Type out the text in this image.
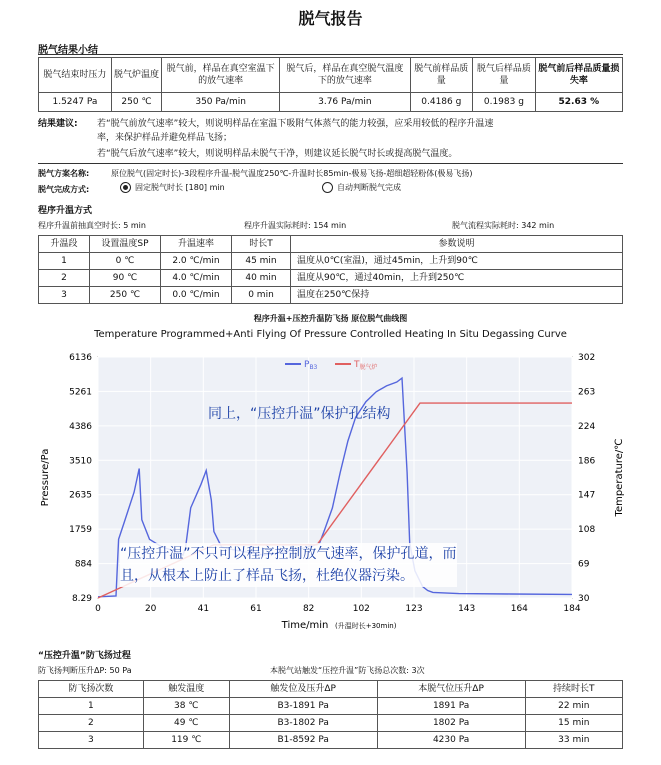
脱气报告
脱气结果小结
脱气结束时压力	脱气炉温度	脱气前，样品在真空室温下的放气速率	脱气后，样品在真空脱气温度下的放气速率	脱气前样品质量	脱气后样品质量	脱气前后样品质量损失率
1.5247 Pa	250 ℃	350 Pa/min	3.76 Pa/min	0.4186 g	0.1983 g	52.63 %
结果建议: 若“脱气前放气速率”较大，则说明样品在室温下吸附气体蒸气的能力较强，应采用较低的程序升温速
率，来保护样品并避免样品飞扬；
若“脱气后放气速率”较大，则说明样品未脱气干净，则建议延长脱气时长或提高脱气温度。
脱气方案名称:	原位脱气(固定时长)-3段程序升温-脱气温度250℃-升温时长85min-极易飞扬-超细超轻粉体(极易飞扬)
脱气完成方式:	固定脱气时长 [180] min	自动判断脱气完成
程序升温方式
程序升温前抽真空时长: 5 min	程序升温实际耗时: 154 min	脱气流程实际耗时: 342 min
升温段	设置温度SP	升温速率	时长T	参数说明
1	0 ℃	2.0 ℃/min	45 min	温度从0℃(室温)，通过45min，上升到90℃
2	90 ℃	4.0 ℃/min	40 min	温度从90℃，通过40min，上升到250℃
3	250 ℃	0.0 ℃/min	0 min	温度在250℃保持
程序升温+压控升温防飞扬 原位脱气曲线图
Temperature Programmed+Anti Flying Of Pressure Controlled Heating In Situ Degassing Curve
8.29
884
1759
2635
3510
4386
5261
6136
30
69
108
147
186
224
263
302
0	20	41	61	82	102	123	143	164	184
Pressure/Pa	Temperature/℃
Time/min (升温时长+30min)
$P_{B3}$	$T_{脱气炉}$
同上，“压控升温”保护孔结构
“压控升温”不只可以程序控制放气速率，保护孔道，而
且，从根本上防止了样品飞扬，杜绝仪器污染。
“压控升温”防飞扬过程
防飞扬判断压升ΔP: 50 Pa	本脱气站触发“压控升温”防飞扬总次数: 3次
防飞扬次数	触发温度	触发位及压升ΔP	本脱气位压升ΔP	持续时长T
1	38 ℃	B3-1891 Pa	1891 Pa	22 min
2	49 ℃	B3-1802 Pa	1802 Pa	15 min
3	119 ℃	B1-8592 Pa	4230 Pa	33 min
